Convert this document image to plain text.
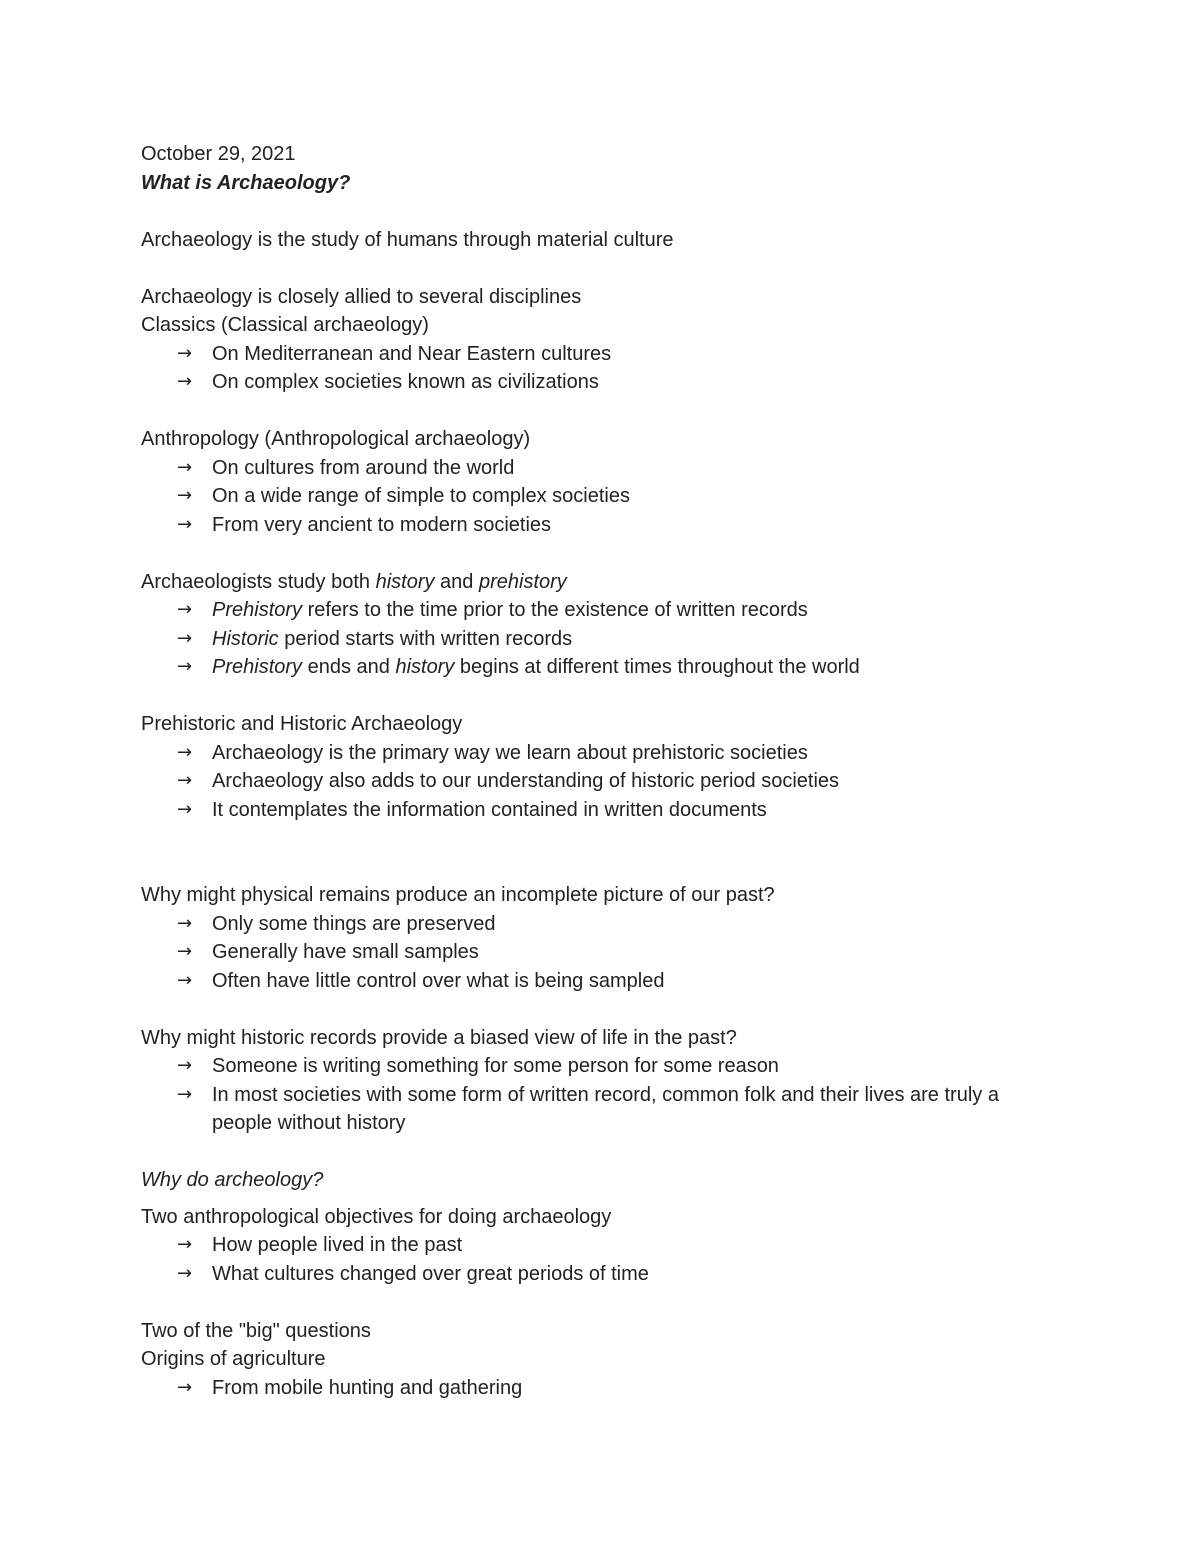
October 29, 2021
What is Archaeology?
Archaeology is the study of humans through material culture
Archaeology is closely allied to several disciplines
Classics (Classical archaeology)
→ On Mediterranean and Near Eastern cultures
→ On complex societies known as civilizations
Anthropology (Anthropological archaeology)
→ On cultures from around the world
→ On a wide range of simple to complex societies
→ From very ancient to modern societies
Archaeologists study both history and prehistory
→ Prehistory refers to the time prior to the existence of written records
→ Historic period starts with written records
→ Prehistory ends and history begins at different times throughout the world
Prehistoric and Historic Archaeology
→ Archaeology is the primary way we learn about prehistoric societies
→ Archaeology also adds to our understanding of historic period societies
→ It contemplates the information contained in written documents
Why might physical remains produce an incomplete picture of our past?
→ Only some things are preserved
→ Generally have small samples
→ Often have little control over what is being sampled
Why might historic records provide a biased view of life in the past?
→ Someone is writing something for some person for some reason
→ In most societies with some form of written record, common folk and their lives are truly a people without history
Why do archeology?
Two anthropological objectives for doing archaeology
→ How people lived in the past
→ What cultures changed over great periods of time
Two of the "big" questions
Origins of agriculture
→ From mobile hunting and gathering
